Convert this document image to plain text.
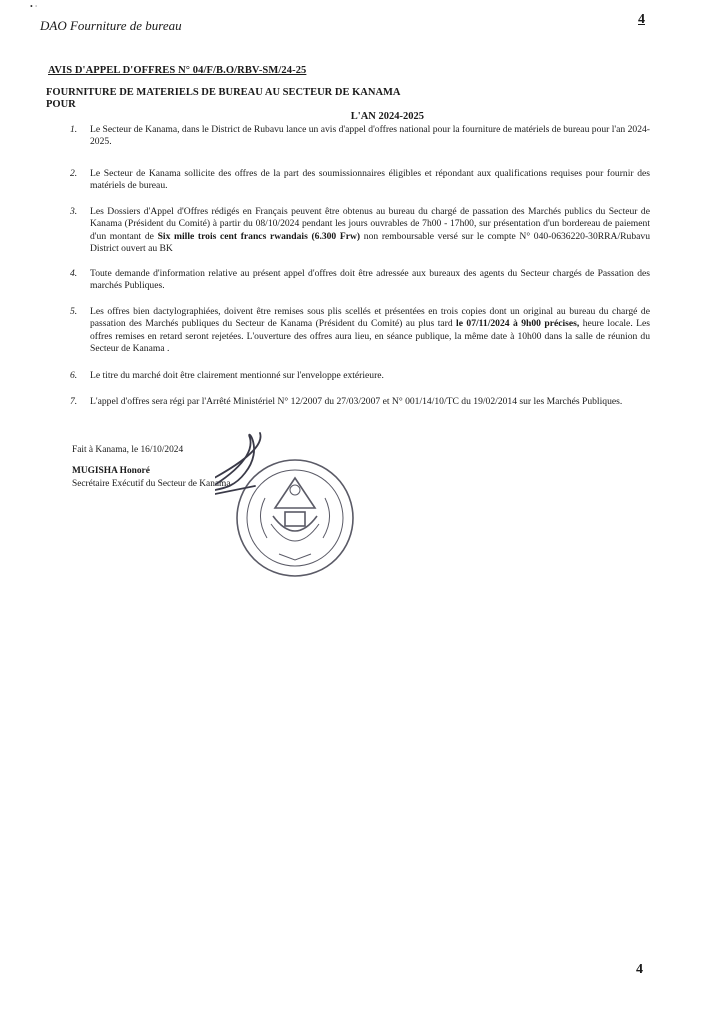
• ·
DAO Fourniture de bureau	4
AVIS D'APPEL D'OFFRES N° 04/F/B.O/RBV-SM/24-25
FOURNITURE DE MATERIELS DE BUREAU AU SECTEUR DE KANAMA POUR
L'AN 2024-2025
1. Le Secteur de Kanama, dans le District de Rubavu lance un avis d'appel d'offres national pour la fourniture de matériels de bureau pour l'an 2024-2025.
2. Le Secteur de Kanama sollicite des offres de la part des soumissionnaires éligibles et répondant aux qualifications requises pour fournir des matériels de bureau.
3. Les Dossiers d'Appel d'Offres rédigés en Français peuvent être obtenus au bureau du chargé de passation des Marchés publics du Secteur de Kanama (Président du Comité) à partir du 08/10/2024 pendant les jours ouvrables de 7h00 - 17h00, sur présentation d'un bordereau de paiement d'un montant de Six mille trois cent francs rwandais (6.300 Frw) non remboursable versé sur le compte N° 040-0636220-30RRA/Rubavu District ouvert au BK
4. Toute demande d'information relative au présent appel d'offres doit être adressée aux bureaux des agents du Secteur chargés de Passation des marchés Publiques.
5. Les offres bien dactylographiées, doivent être remises sous plis scellés et présentées en trois copies dont un original au bureau du chargé de passation des Marchés publiques du Secteur de Kanama (Président du Comité) au plus tard le 07/11/2024 à 9h00 précises, heure locale. Les offres remises en retard seront rejetées. L'ouverture des offres aura lieu, en séance publique, la même date à 10h00 dans la salle de réunion du Secteur de Kanama .
6. Le titre du marché doit être clairement mentionné sur l'enveloppe extérieure.
7. L'appel d'offres sera régi par l'Arrêté Ministériel N° 12/2007 du 27/03/2007 et N° 001/14/10/TC du 19/02/2014 sur les Marchés Publiques.
Fait à Kanama, le 16/10/2024
MUGISHA Honoré
Secrétaire Exécutif du Secteur de Kanama
4
